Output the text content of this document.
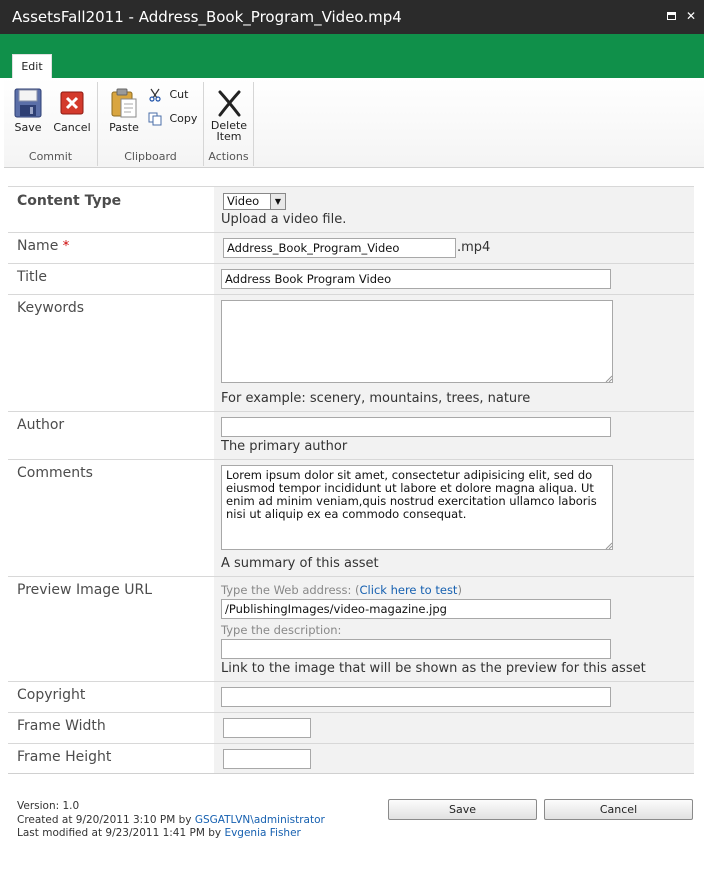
AssetsFall2011 - Address_Book_Program_Video.mp4	✕
Edit
Save	Cancel
Commit
Paste
Cut
Copy
Clipboard
Delete
Item
Actions
Content Type	Video	▼
Upload a video file.
Name *	Address_Book_Program_Video	.mp4
Title	Address Book Program Video
Keywords
For example: scenery, mountains, trees, nature
Author
The primary author
Comments	Lorem ipsum dolor sit amet, consectetur adipisicing elit, sed do eiusmod tempor incididunt ut labore et dolore magna aliqua. Ut enim ad minim veniam,quis nostrud exercitation ullamco laboris nisi ut aliquip ex ea commodo consequat.
A summary of this asset
Preview Image URL	Type the Web address: (Click here to test)
/PublishingImages/video-magazine.jpg
Type the description:
Link to the image that will be shown as the preview for this asset
Copyright
Frame Width
Frame Height
Version: 1.0
Created at 9/20/2011 3:10 PM by GSGATLVN\administrator
Last modified at 9/23/2011 1:41 PM by Evgenia Fisher
Save	Cancel
